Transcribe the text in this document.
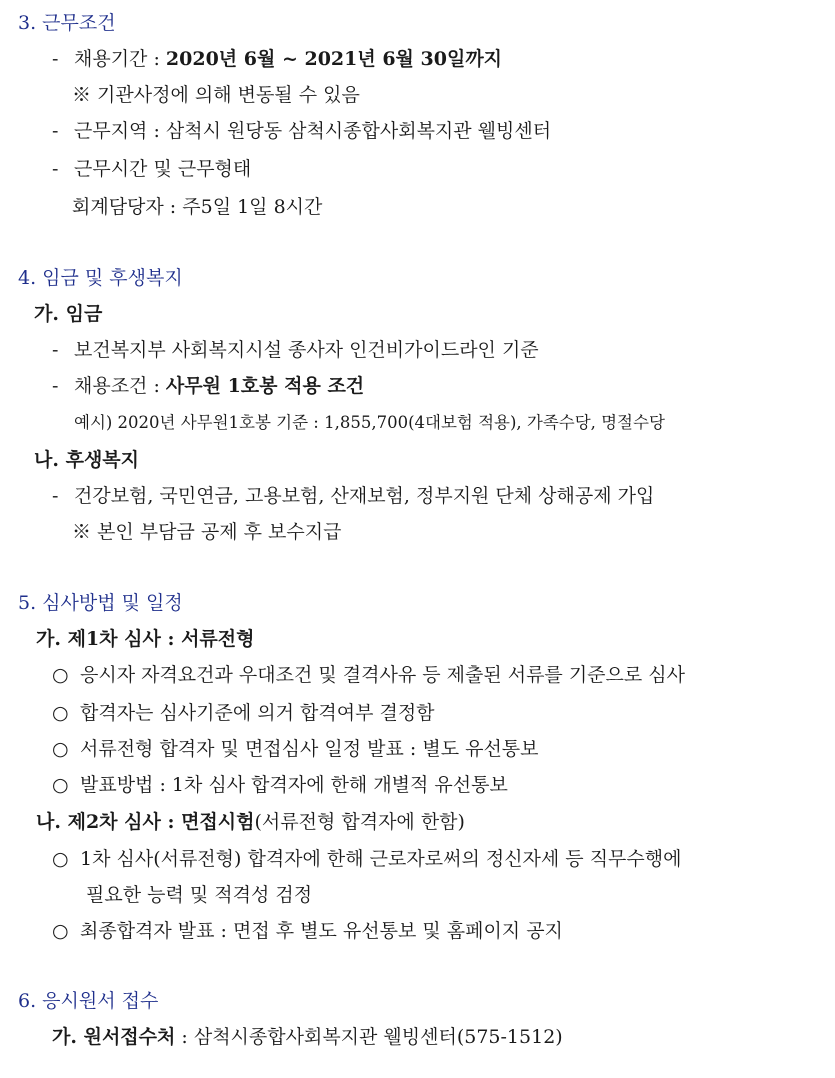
3. 근무조건
- 채용기간 : 2020년 6월 ~ 2021년 6월 30일까지
※ 기관사정에 의해 변동될 수 있음
- 근무지역 : 삼척시 원당동 삼척시종합사회복지관 웰빙센터
- 근무시간 및 근무형태
회계담당자 : 주5일 1일 8시간
4. 임금 및 후생복지
가. 임금
- 보건복지부 사회복지시설 종사자 인건비가이드라인 기준
- 채용조건 : 사무원 1호봉 적용 조건
예시) 2020년 사무원1호봉 기준 : 1,855,700(4대보험 적용), 가족수당, 명절수당
나. 후생복지
- 건강보험, 국민연금, 고용보험, 산재보험, 정부지원 단체 상해공제 가입
※ 본인 부담금 공제 후 보수지급
5. 심사방법 및 일정
가. 제1차 심사 : 서류전형
○ 응시자 자격요건과 우대조건 및 결격사유 등 제출된 서류를 기준으로 심사
○ 합격자는 심사기준에 의거 합격여부 결정함
○ 서류전형 합격자 및 면접심사 일정 발표 : 별도 유선통보
○ 발표방법 : 1차 심사 합격자에 한해 개별적 유선통보
나. 제2차 심사 : 면접시험(서류전형 합격자에 한함)
○ 1차 심사(서류전형) 합격자에 한해 근로자로써의 정신자세 등 직무수행에
필요한 능력 및 적격성 검정
○ 최종합격자 발표 : 면접 후 별도 유선통보 및 홈페이지 공지
6. 응시원서 접수
가. 원서접수처 : 삼척시종합사회복지관 웰빙센터(575-1512)
